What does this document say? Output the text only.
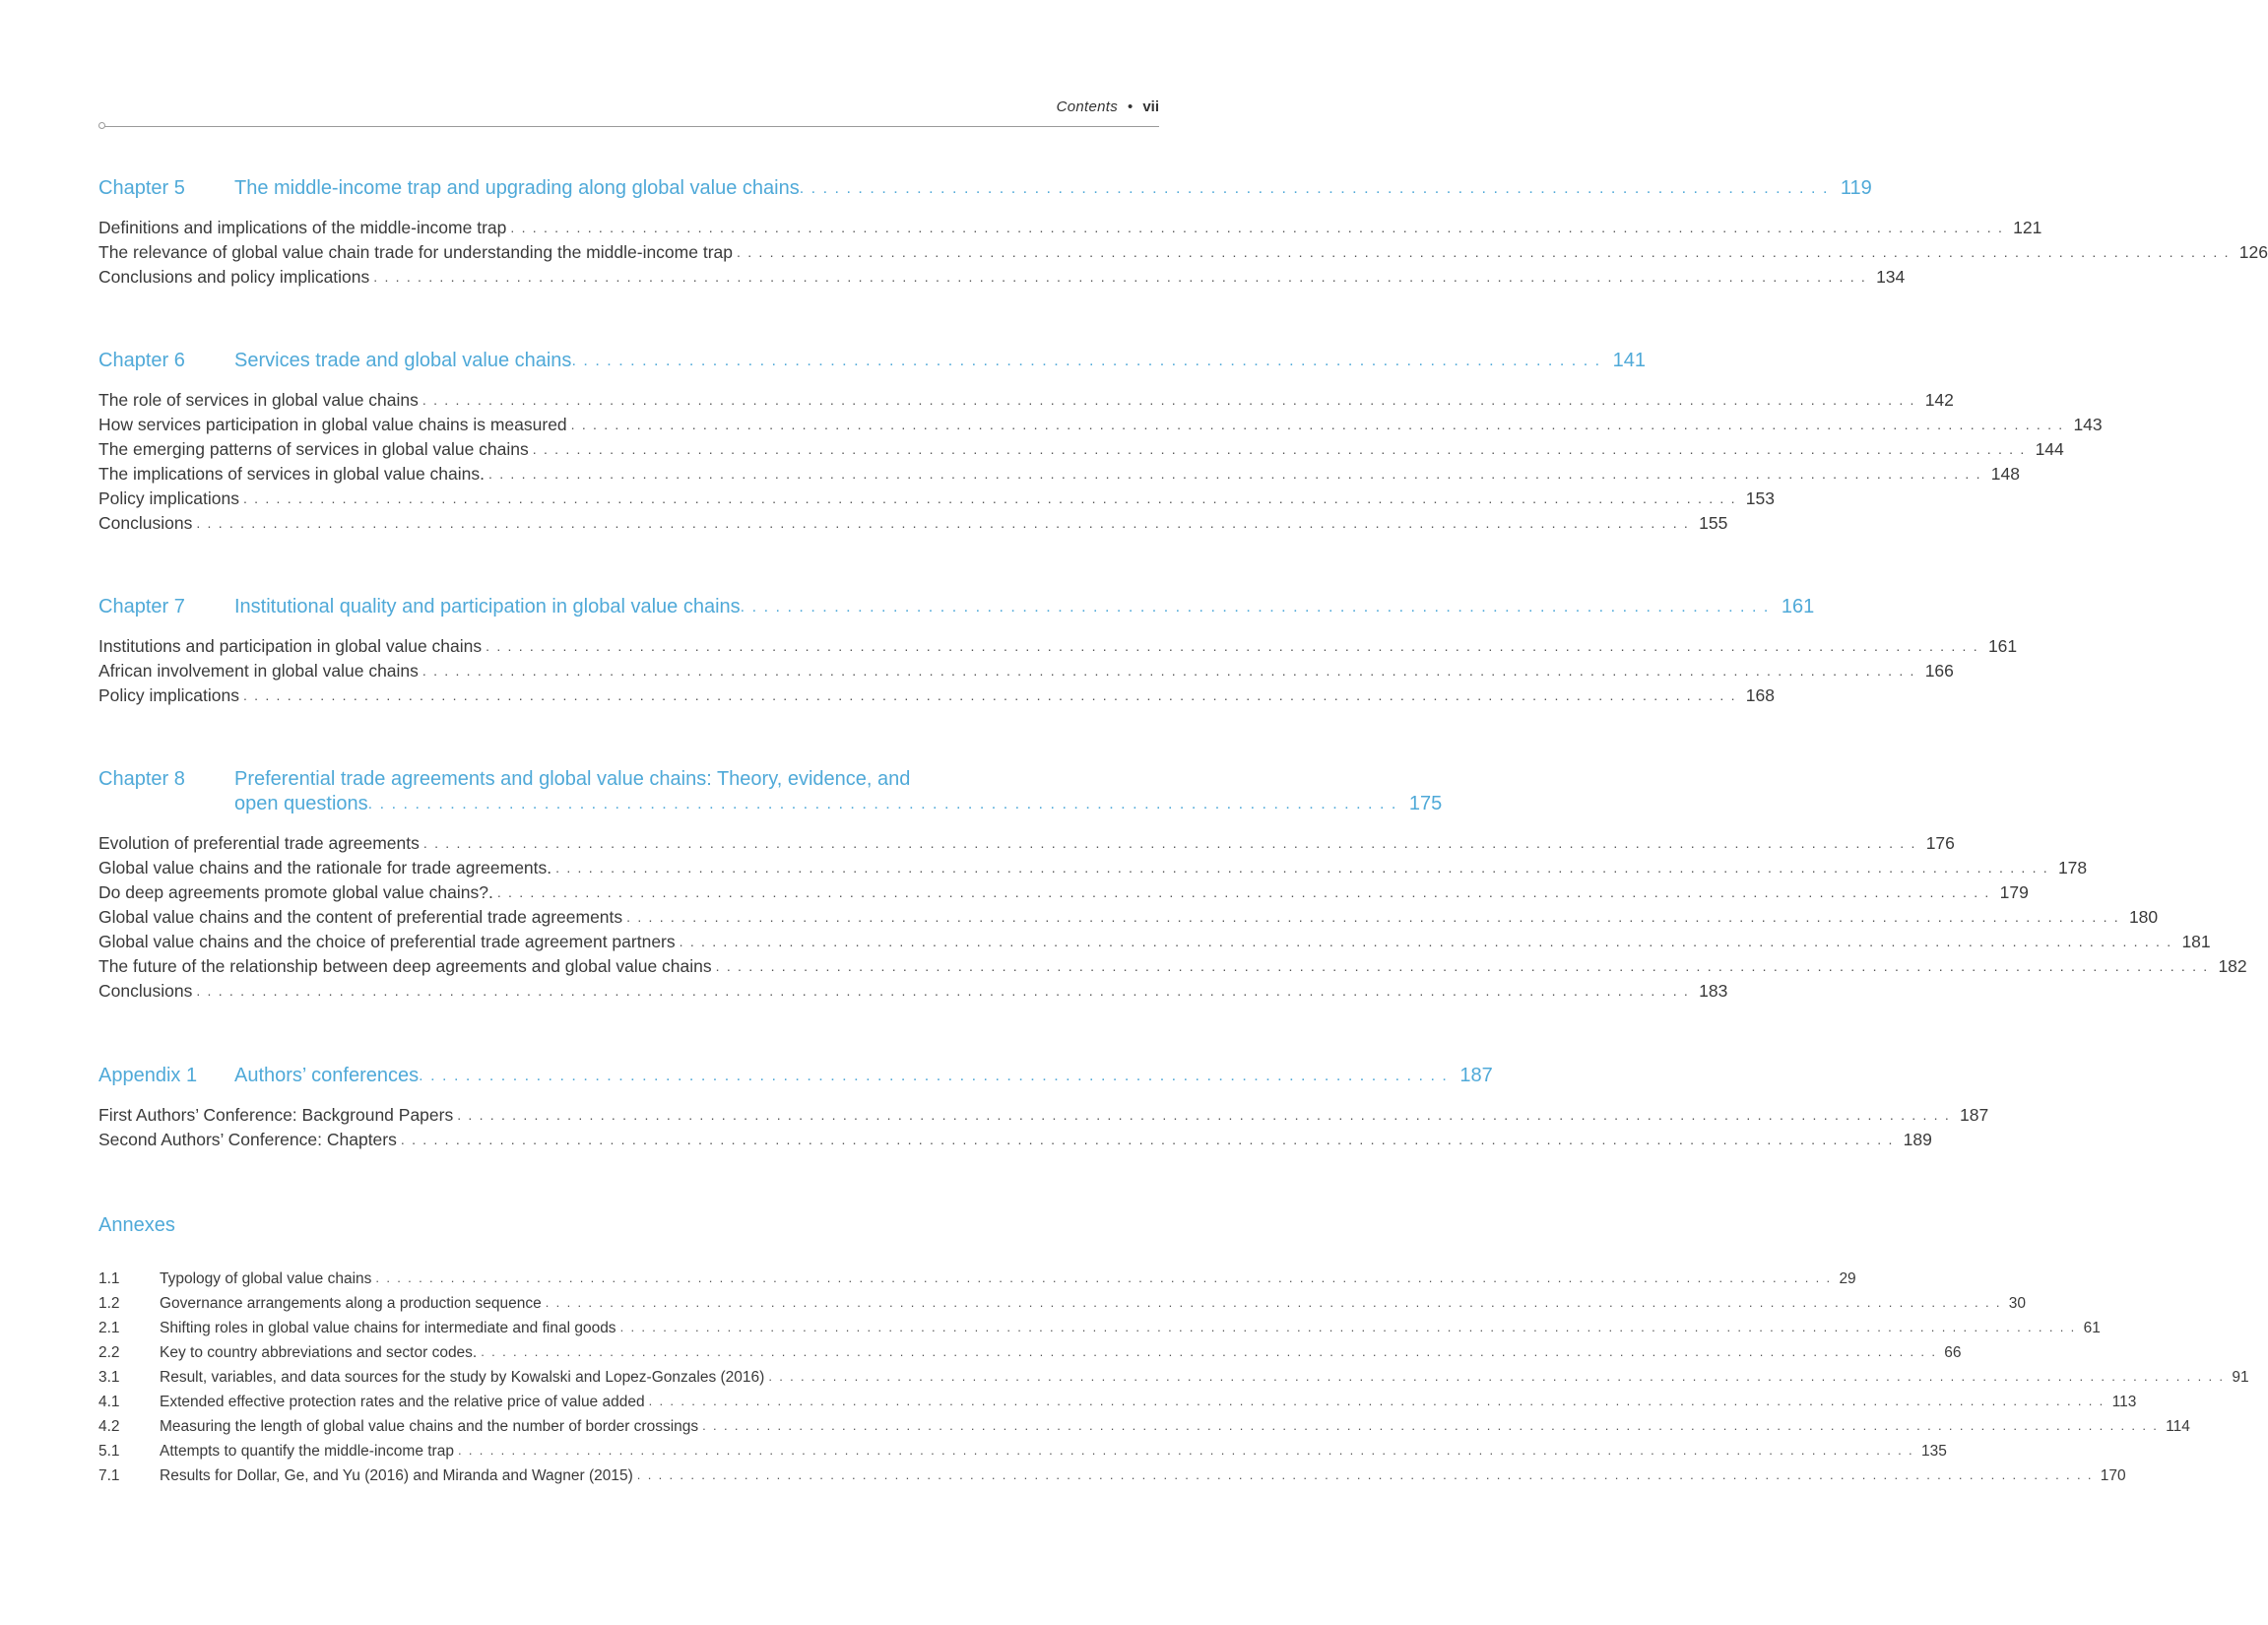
Contents • vii
Chapter 5	The middle-income trap and upgrading along global value chains ........................................................................................ 119
Definitions and implications of the middle-income trap ........................................................................................................................................ 121
The relevance of global value chain trade for understanding the middle-income trap ........................................................................................................................................ 126
Conclusions and policy implications ........................................................................................................................................ 134
Chapter 6	Services trade and global value chains ........................................................................................ 141
The role of services in global value chains ........................................................................................................................................ 142
How services participation in global value chains is measured ........................................................................................................................................ 143
The emerging patterns of services in global value chains ........................................................................................................................................ 144
The implications of services in global value chains. ........................................................................................................................................ 148
Policy implications ........................................................................................................................................ 153
Conclusions ........................................................................................................................................ 155
Chapter 7	Institutional quality and participation in global value chains ........................................................................................ 161
Institutions and participation in global value chains ........................................................................................................................................ 161
African involvement in global value chains ........................................................................................................................................ 166
Policy implications ........................................................................................................................................ 168
Chapter 8	Preferential trade agreements and global value chains: Theory, evidence, and
open questions ........................................................................................ 175
Evolution of preferential trade agreements ........................................................................................................................................ 176
Global value chains and the rationale for trade agreements. ........................................................................................................................................ 178
Do deep agreements promote global value chains?. ........................................................................................................................................ 179
Global value chains and the content of preferential trade agreements ........................................................................................................................................ 180
Global value chains and the choice of preferential trade agreement partners ........................................................................................................................................ 181
The future of the relationship between deep agreements and global value chains ........................................................................................................................................ 182
Conclusions ........................................................................................................................................ 183
Appendix 1	Authors’ conferences ........................................................................................ 187
First Authors’ Conference: Background Papers ........................................................................................................................................ 187
Second Authors’ Conference: Chapters ........................................................................................................................................ 189
Annexes
1.1	Typology of global value chains ........................................................................................................................................ 29
1.2	Governance arrangements along a production sequence ........................................................................................................................................ 30
2.1	Shifting roles in global value chains for intermediate and final goods ........................................................................................................................................ 61
2.2	Key to country abbreviations and sector codes. ........................................................................................................................................ 66
3.1	Result, variables, and data sources for the study by Kowalski and Lopez-Gonzales (2016) ........................................................................................................................................ 91
4.1	Extended effective protection rates and the relative price of value added ........................................................................................................................................ 113
4.2	Measuring the length of global value chains and the number of border crossings ........................................................................................................................................ 114
5.1	Attempts to quantify the middle-income trap ........................................................................................................................................ 135
7.1	Results for Dollar, Ge, and Yu (2016) and Miranda and Wagner (2015) ........................................................................................................................................ 170
